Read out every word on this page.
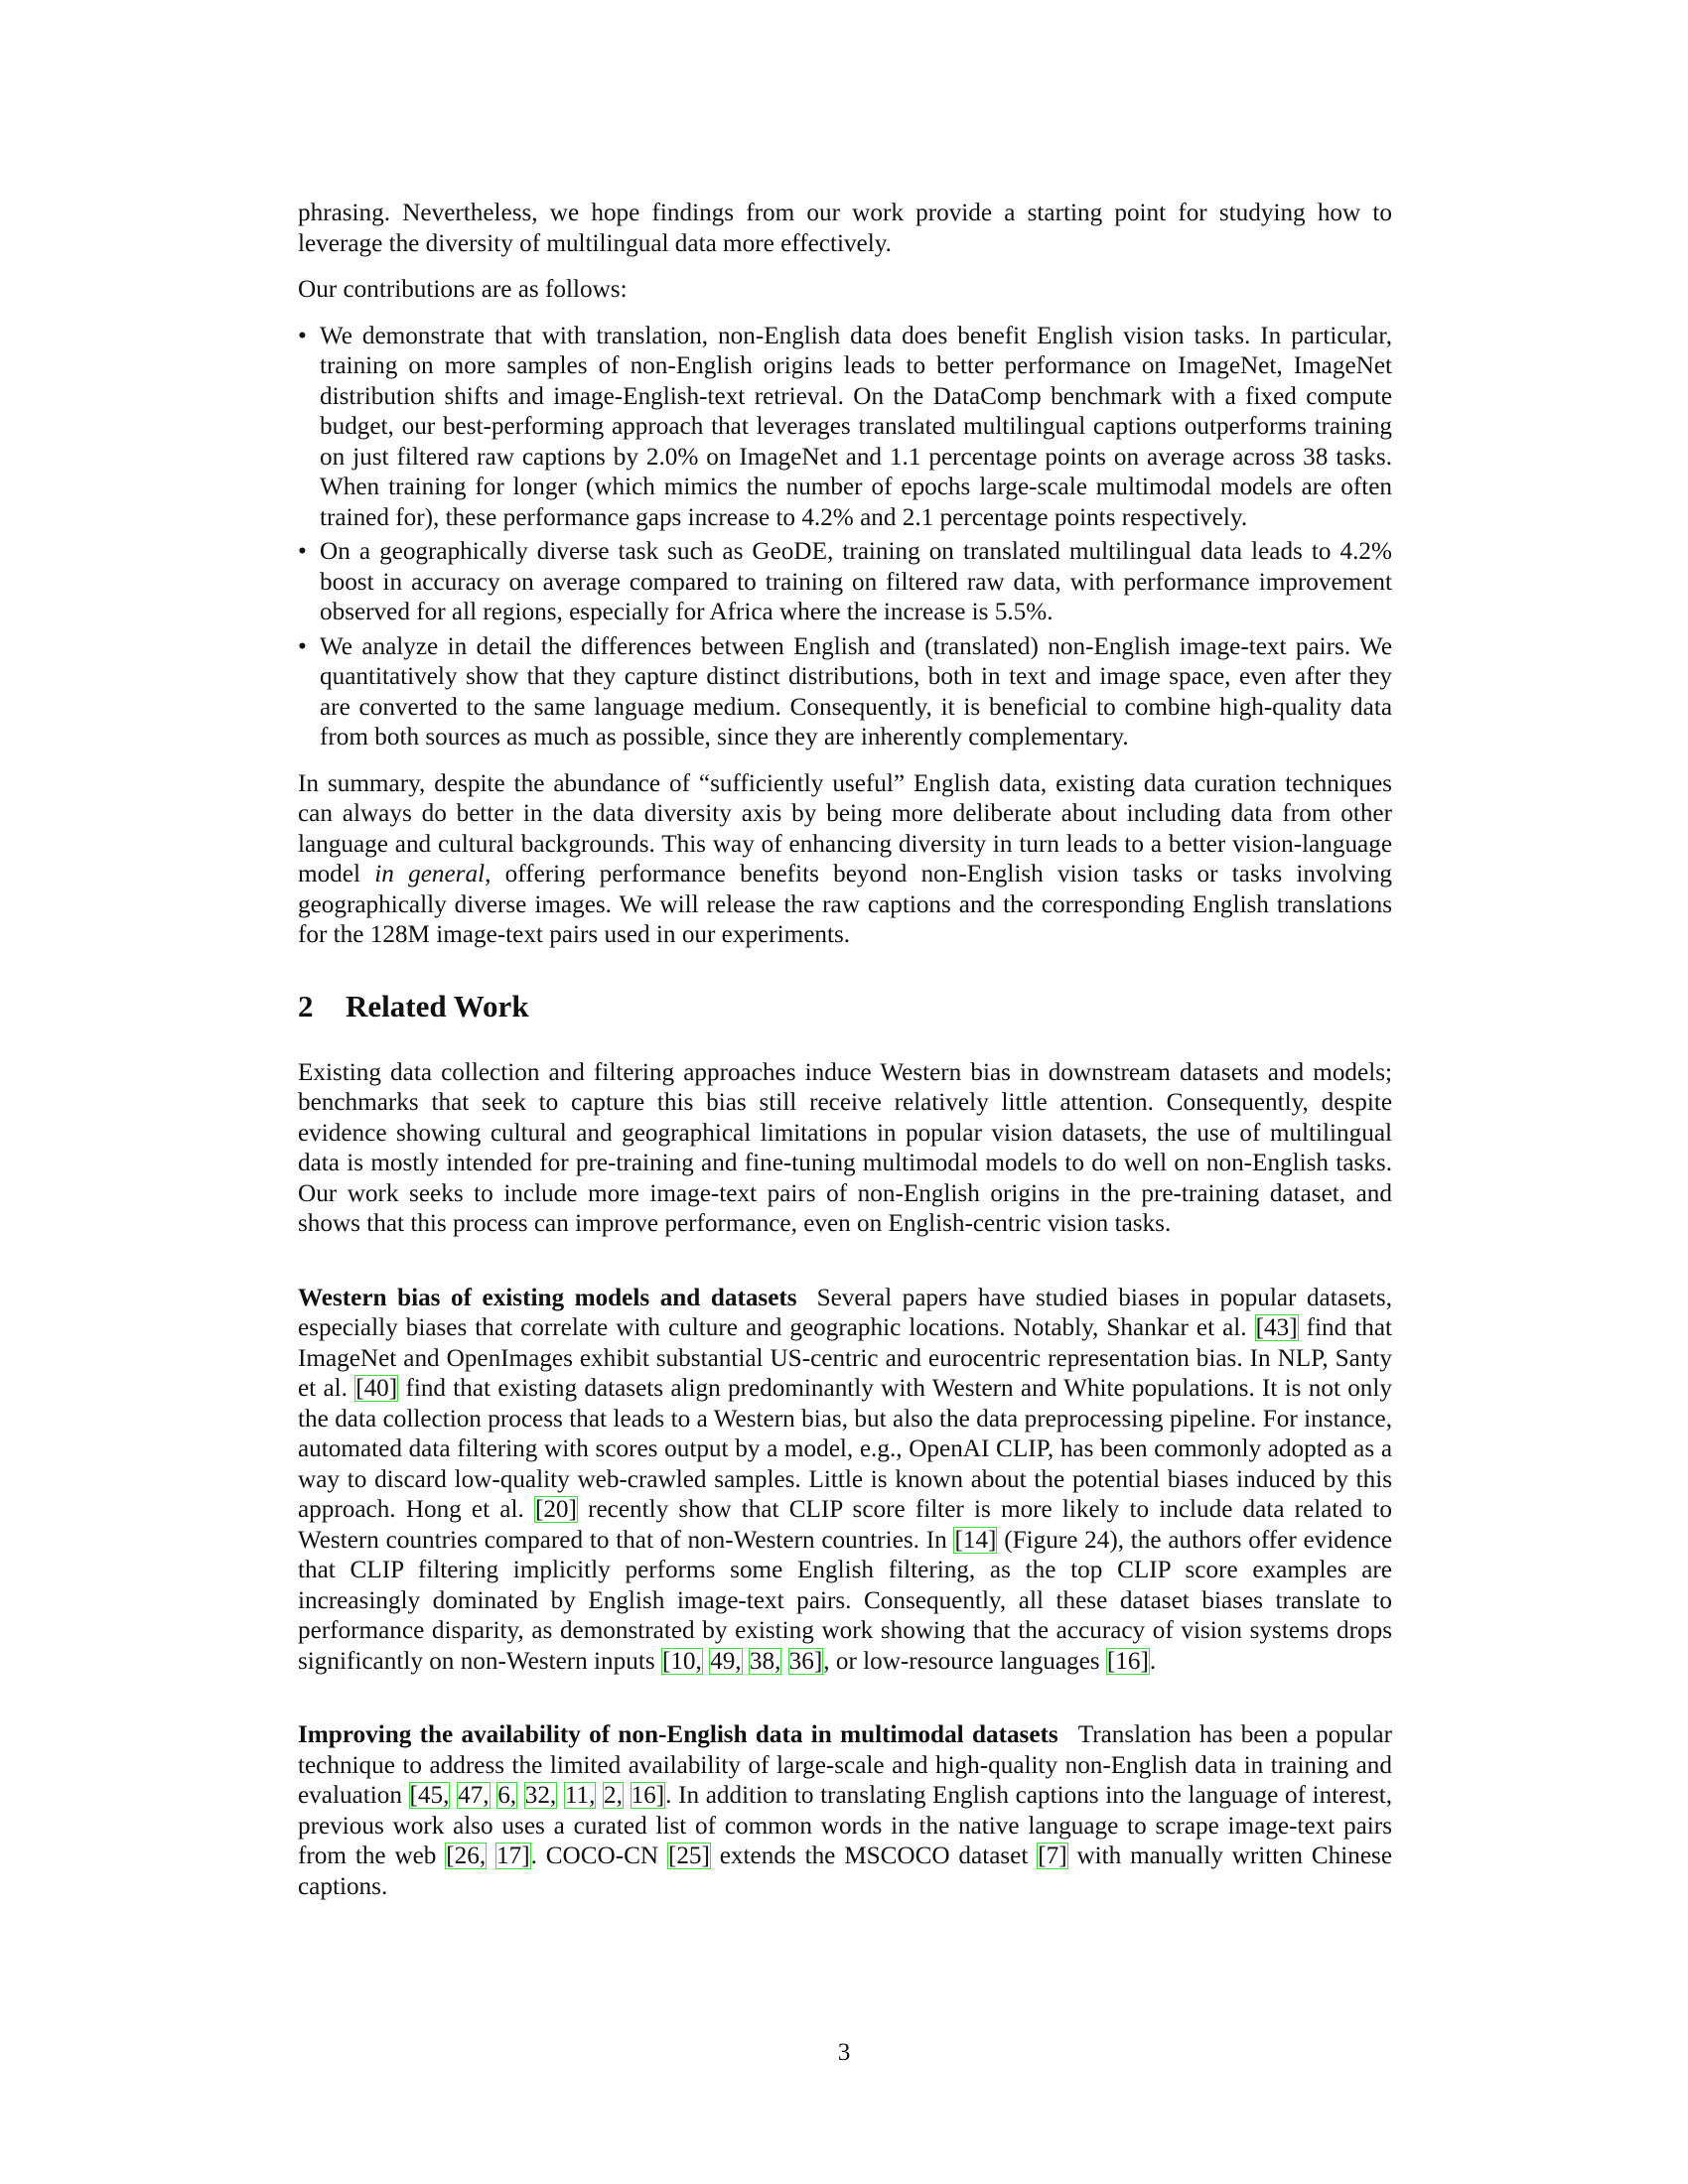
phrasing. Nevertheless, we hope findings from our work provide a starting point for studying how to leverage the diversity of multilingual data more effectively.

Our contributions are as follows:

• We demonstrate that with translation, non-English data does benefit English vision tasks. In particular, training on more samples of non-English origins leads to better performance on ImageNet, ImageNet distribution shifts and image-English-text retrieval. On the DataComp benchmark with a fixed compute budget, our best-performing approach that leverages translated multilingual captions outperforms training on just filtered raw captions by 2.0% on ImageNet and 1.1 percentage points on average across 38 tasks. When training for longer (which mimics the number of epochs large-scale multimodal models are often trained for), these performance gaps increase to 4.2% and 2.1 percentage points respectively.
• On a geographically diverse task such as GeoDE, training on translated multilingual data leads to 4.2% boost in accuracy on average compared to training on filtered raw data, with performance improvement observed for all regions, especially for Africa where the increase is 5.5%.
• We analyze in detail the differences between English and (translated) non-English image-text pairs. We quantitatively show that they capture distinct distributions, both in text and image space, even after they are converted to the same language medium. Consequently, it is beneficial to combine high-quality data from both sources as much as possible, since they are inherently complementary.

In summary, despite the abundance of “sufficiently useful” English data, existing data curation techniques can always do better in the data diversity axis by being more deliberate about including data from other language and cultural backgrounds. This way of enhancing diversity in turn leads to a better vision-language model in general, offering performance benefits beyond non-English vision tasks or tasks involving geographically diverse images. We will release the raw captions and the corresponding English translations for the 128M image-text pairs used in our experiments.

2 Related Work

Existing data collection and filtering approaches induce Western bias in downstream datasets and models; benchmarks that seek to capture this bias still receive relatively little attention. Consequently, despite evidence showing cultural and geographical limitations in popular vision datasets, the use of multilingual data is mostly intended for pre-training and fine-tuning multimodal models to do well on non-English tasks. Our work seeks to include more image-text pairs of non-English origins in the pre-training dataset, and shows that this process can improve performance, even on English-centric vision tasks.

Western bias of existing models and datasets Several papers have studied biases in popular datasets, especially biases that correlate with culture and geographic locations. Notably, Shankar et al. [43] find that ImageNet and OpenImages exhibit substantial US-centric and eurocentric representation bias. In NLP, Santy et al. [40] find that existing datasets align predominantly with Western and White populations. It is not only the data collection process that leads to a Western bias, but also the data preprocessing pipeline. For instance, automated data filtering with scores output by a model, e.g., OpenAI CLIP, has been commonly adopted as a way to discard low-quality web-crawled samples. Little is known about the potential biases induced by this approach. Hong et al. [20] recently show that CLIP score filter is more likely to include data related to Western countries compared to that of non-Western countries. In [14] (Figure 24), the authors offer evidence that CLIP filtering implicitly performs some English filtering, as the top CLIP score examples are increasingly dominated by English image-text pairs. Consequently, all these dataset biases translate to performance disparity, as demonstrated by existing work showing that the accuracy of vision systems drops significantly on non-Western inputs [10, 49, 38, 36], or low-resource languages [16].

Improving the availability of non-English data in multimodal datasets Translation has been a popular technique to address the limited availability of large-scale and high-quality non-English data in training and evaluation [45, 47, 6, 32, 11, 2, 16]. In addition to translating English captions into the language of interest, previous work also uses a curated list of common words in the native language to scrape image-text pairs from the web [26, 17]. COCO-CN [25] extends the MSCOCO dataset [7] with manually written Chinese captions.

3
